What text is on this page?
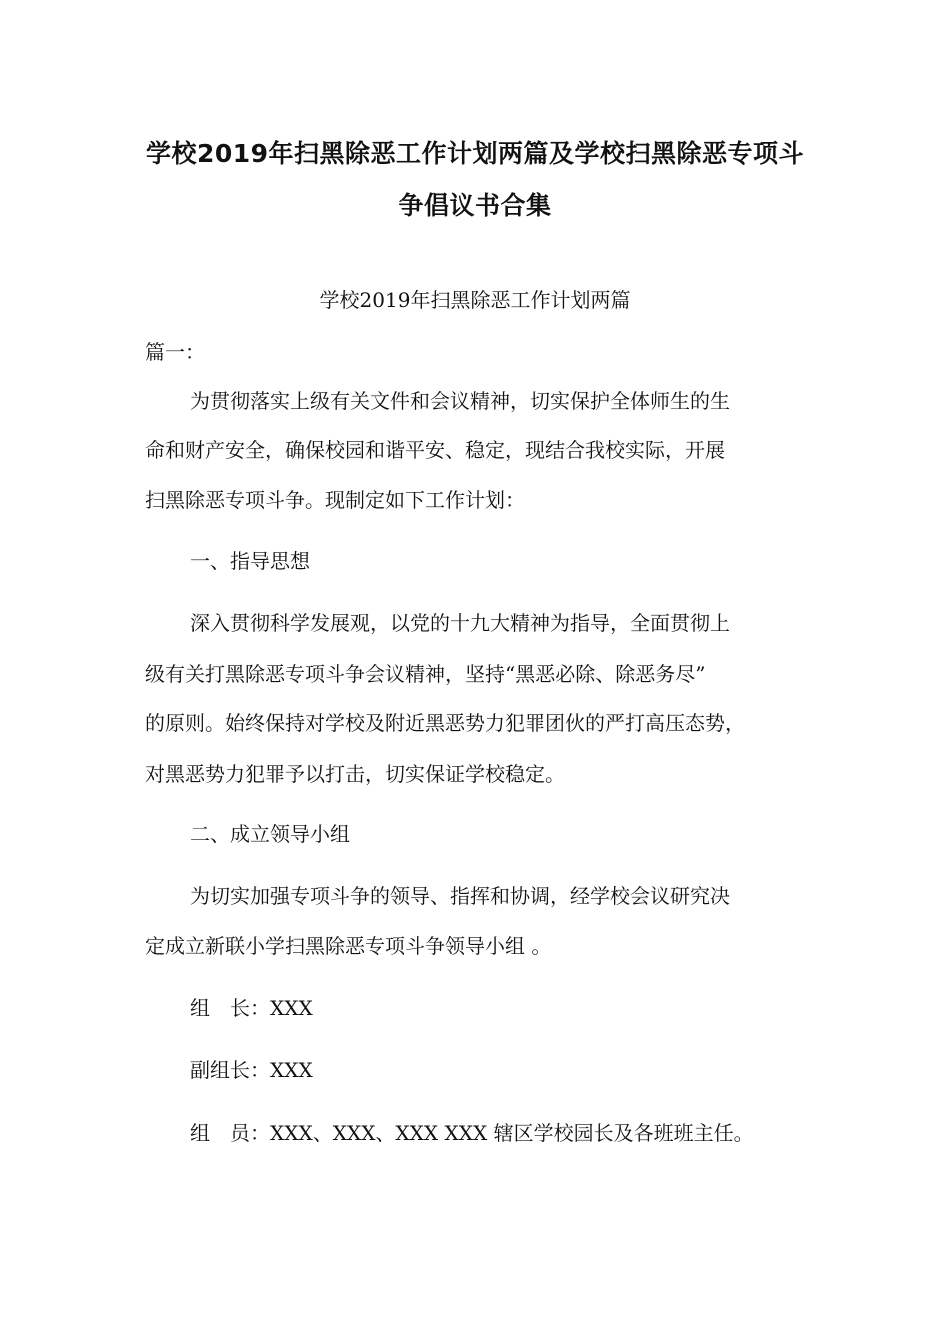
学校2019年扫黑除恶工作计划两篇及学校扫黑除恶专项斗
争倡议书合集

学校2019年扫黑除恶工作计划两篇

篇一：

为贯彻落实上级有关文件和会议精神，切实保护全体师生的生

命和财产安全，确保校园和谐平安、稳定，现结合我校实际，开展

扫黑除恶专项斗争。现制定如下工作计划：

一、指导思想

深入贯彻科学发展观，以党的十九大精神为指导，全面贯彻上

级有关打黑除恶专项斗争会议精神，坚持“黑恶必除、除恶务尽”

的原则。始终保持对学校及附近黑恶势力犯罪团伙的严打高压态势，

对黑恶势力犯罪予以打击，切实保证学校稳定。

二、成立领导小组

为切实加强专项斗争的领导、指挥和协调，经学校会议研究决

定成立新联小学扫黑除恶专项斗争领导小组 。

组　长：XXX

副组长：XXX

组　员：XXX、XXX、XXX XXX 辖区学校园长及各班班主任。
